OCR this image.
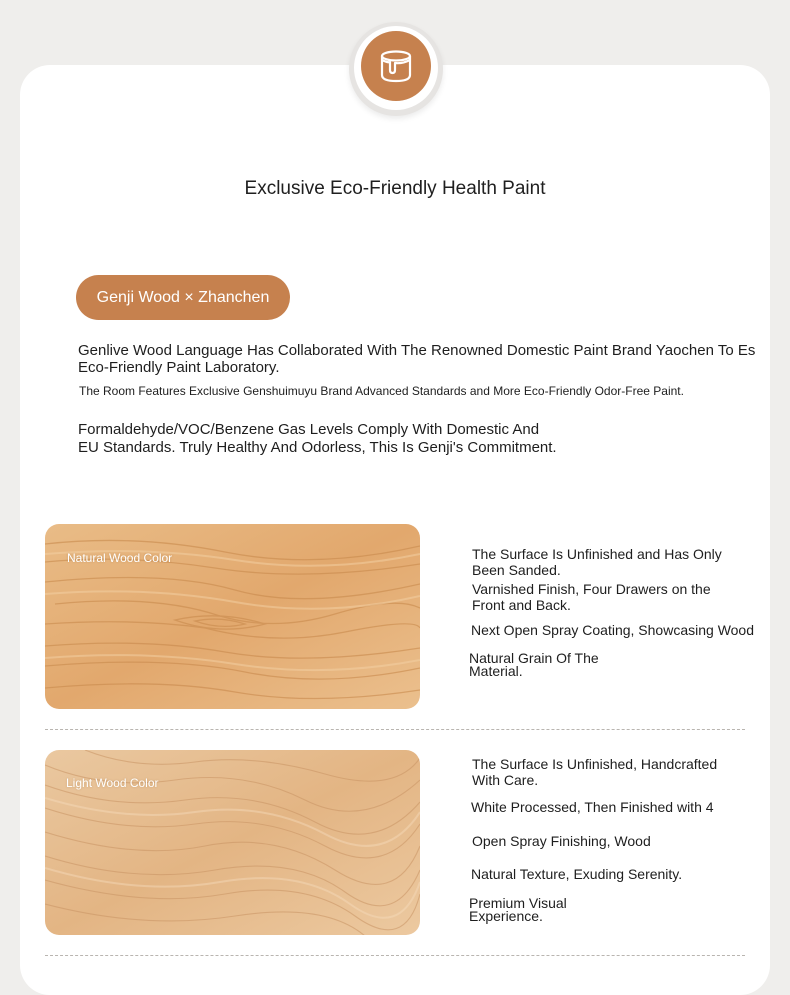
Exclusive Eco-Friendly Health Paint
Genji Wood × Zhanchen
Genlive Wood Language Has Collaborated With The Renowned Domestic Paint Brand Yaochen To Es
Eco-Friendly Paint Laboratory.
The Room Features Exclusive Genshuimuyu Brand Advanced Standards and More Eco-Friendly Odor-Free Paint.
Formaldehyde/VOC/Benzene Gas Levels Comply With Domestic And
EU Standards. Truly Healthy And Odorless, This Is Genji's Commitment.
Natural Wood Color	The Surface Is Unfinished and Has Only
Been Sanded.
Varnished Finish, Four Drawers on the
Front and Back.
Next Open Spray Coating, Showcasing Wood
Natural Grain Of The
Material.
Light Wood Color
The Surface Is Unfinished, Handcrafted
With Care.
White Processed, Then Finished with 4
Open Spray Finishing, Wood
Natural Texture, Exuding Serenity.
Premium Visual
Experience.
